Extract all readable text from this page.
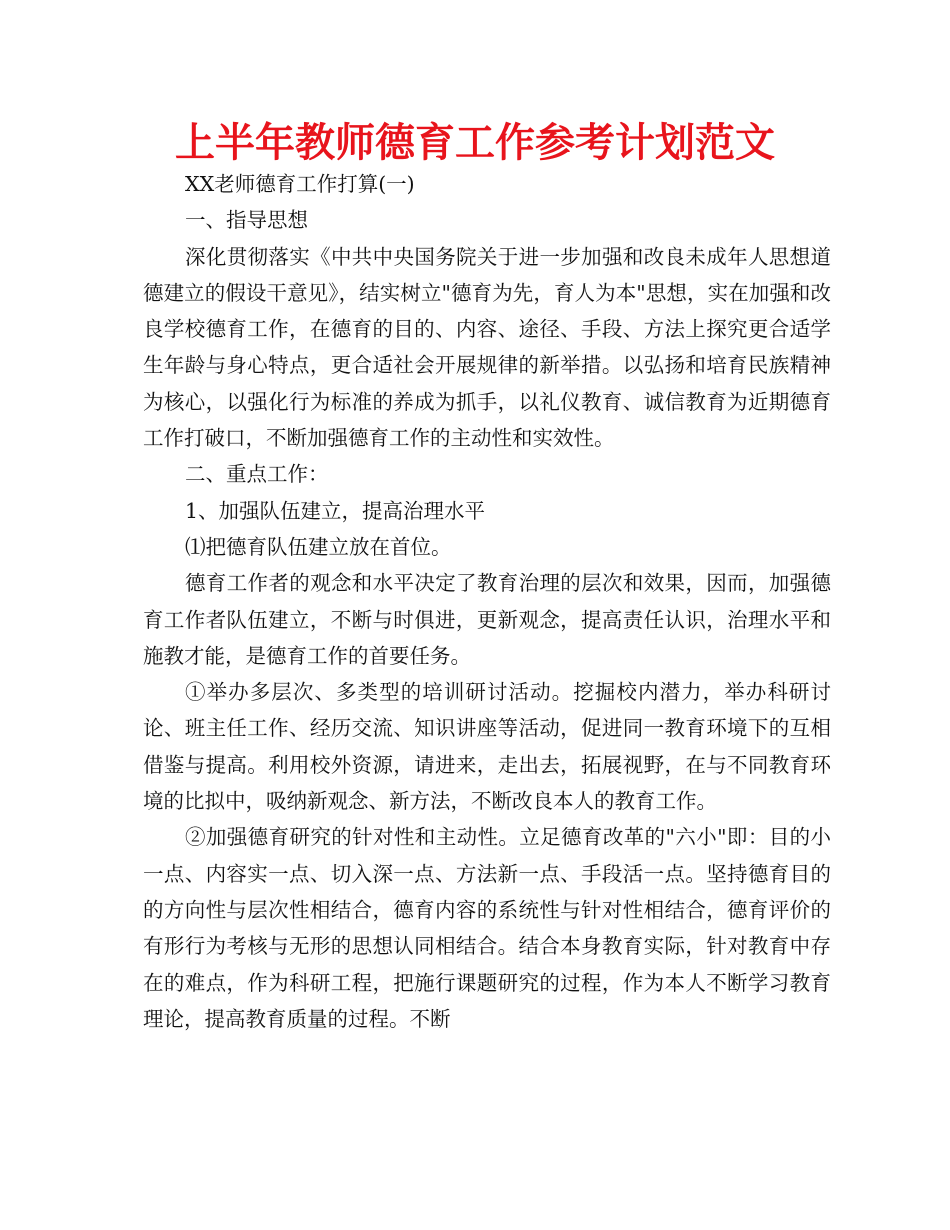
上半年教师德育工作参考计划范文

XX老师德育工作打算(一)

一、指导思想

深化贯彻落实《中共中央国务院关于进一步加强和改良未成年人思想道德建立的假设干意见》，结实树立"德育为先，育人为本"思想，实在加强和改良学校德育工作，在德育的目的、内容、途径、手段、方法上探究更合适学生年龄与身心特点，更合适社会开展规律的新举措。以弘扬和培育民族精神为核心，以强化行为标准的养成为抓手，以礼仪教育、诚信教育为近期德育工作打破口，不断加强德育工作的主动性和实效性。

二、重点工作：

1、加强队伍建立，提高治理水平

⑴把德育队伍建立放在首位。

德育工作者的观念和水平决定了教育治理的层次和效果，因而，加强德育工作者队伍建立，不断与时俱进，更新观念，提高责任认识，治理水平和施教才能，是德育工作的首要任务。

①举办多层次、多类型的培训研讨活动。挖掘校内潜力，举办科研讨论、班主任工作、经历交流、知识讲座等活动，促进同一教育环境下的互相借鉴与提高。利用校外资源，请进来，走出去，拓展视野，在与不同教育环境的比拟中，吸纳新观念、新方法，不断改良本人的教育工作。

②加强德育研究的针对性和主动性。立足德育改革的"六小"即：目的小一点、内容实一点、切入深一点、方法新一点、手段活一点。坚持德育目的的方向性与层次性相结合，德育内容的系统性与针对性相结合，德育评价的有形行为考核与无形的思想认同相结合。结合本身教育实际，针对教育中存在的难点，作为科研工程，把施行课题研究的过程，作为本人不断学习教育理论，提高教育质量的过程。不断
